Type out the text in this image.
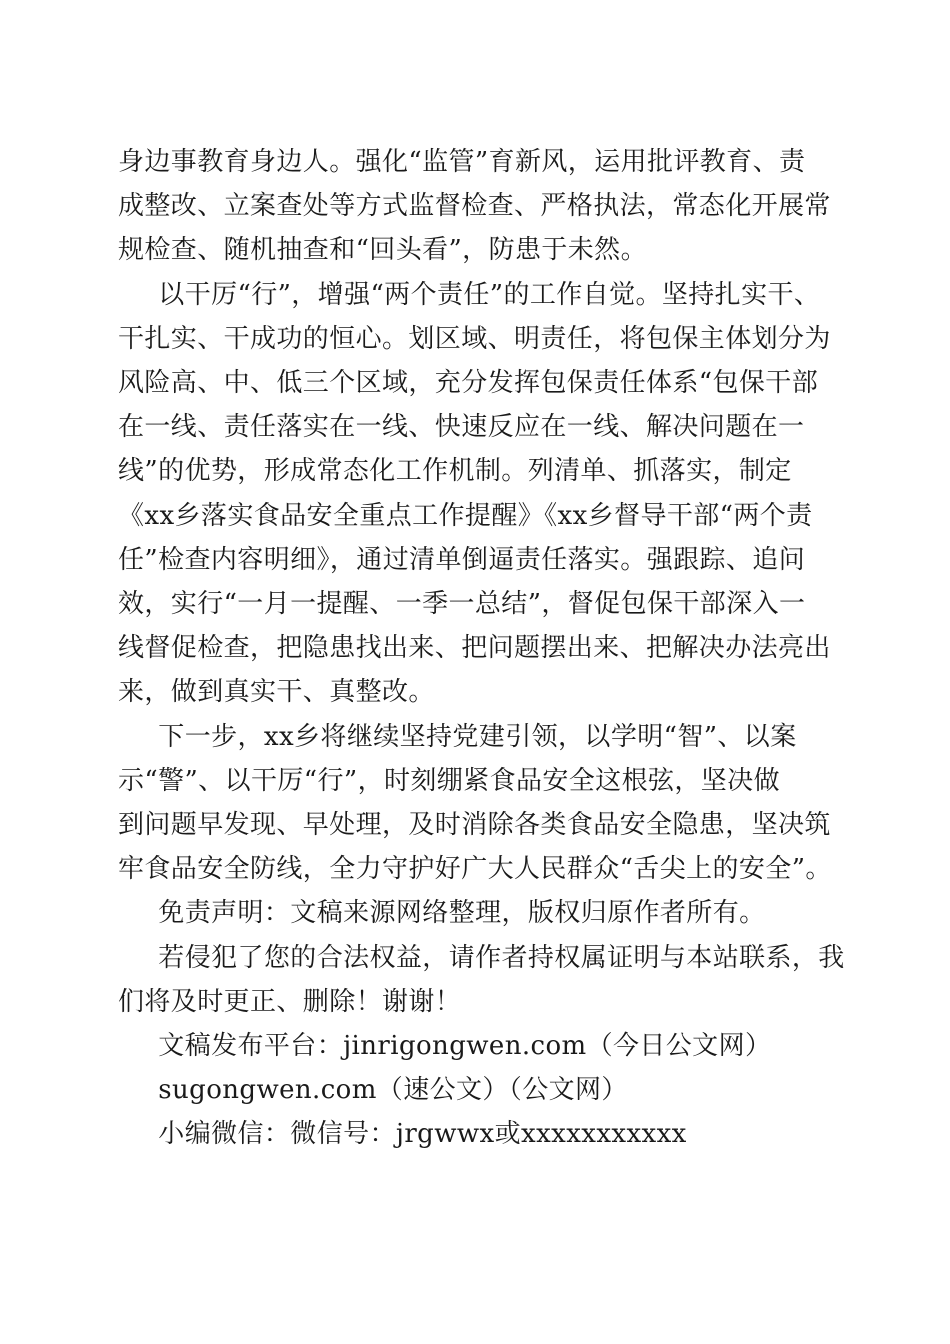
身边事教育身边人。强化“监管”育新风，运用批评教育、责
成整改、立案查处等方式监督检查、严格执法，常态化开展常
规检查、随机抽查和“回头看”，防患于未然。

以干厉“行”，增强“两个责任”的工作自觉。坚持扎实干、
干扎实、干成功的恒心。划区域、明责任，将包保主体划分为
风险高、中、低三个区域，充分发挥包保责任体系“包保干部
在一线、责任落实在一线、快速反应在一线、解决问题在一
线”的优势，形成常态化工作机制。列清单、抓落实，制定
《xx乡落实食品安全重点工作提醒》《xx乡督导干部“两个责
任”检查内容明细》，通过清单倒逼责任落实。强跟踪、追问
效，实行“一月一提醒、一季一总结”，督促包保干部深入一
线督促检查，把隐患找出来、把问题摆出来、把解决办法亮出
来，做到真实干、真整改。

下一步，xx乡将继续坚持党建引领，以学明“智”、以案
示“警”、以干厉“行”，时刻绷紧食品安全这根弦，坚决做
到问题早发现、早处理，及时消除各类食品安全隐患，坚决筑
牢食品安全防线，全力守护好广大人民群众“舌尖上的安全”。

免责声明：文稿来源网络整理，版权归原作者所有。
若侵犯了您的合法权益，请作者持权属证明与本站联系，我
们将及时更正、删除！谢谢！
文稿发布平台：jinrigongwen.com（今日公文网）
sugongwen.com（速公文）（公文网）
小编微信：微信号：jrgwwx或xxxxxxxxxxx
